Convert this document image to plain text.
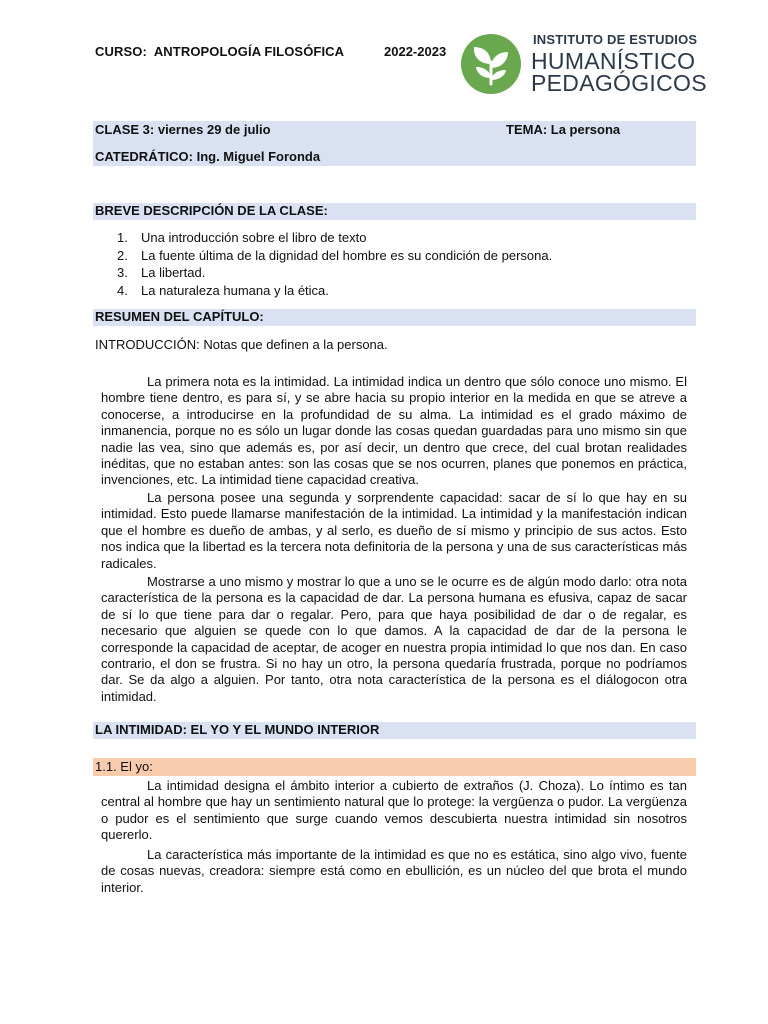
CURSO:  ANTROPOLOGÍA FILOSÓFICA	2022-2023
INSTITUTO DE ESTUDIOS
HUMANÍSTICO
PEDAGÓGICOS
CLASE 3: viernes 29 de julio	TEMA: La persona
CATEDRÁTICO: Ing. Miguel Foronda
BREVE DESCRIPCIÓN DE LA CLASE:
1. Una introducción sobre el libro de texto
2. La fuente última de la dignidad del hombre es su condición de persona.
3. La libertad.
4. La naturaleza humana y la ética.
RESUMEN DEL CAPÍTULO:
INTRODUCCIÓN: Notas que definen a la persona.

La primera nota es la intimidad. La intimidad indica un dentro que sólo conoce uno mismo. El hombre tiene dentro, es para sí, y se abre hacia su propio interior en la medida en que se atreve a conocerse, a introducirse en la profundidad de su alma. La intimidad es el grado máximo de inmanencia, porque no es sólo un lugar donde las cosas quedan guardadas para uno mismo sin que nadie las vea, sino que además es, por así decir, un dentro que crece, del cual brotan realidades inéditas, que no estaban antes: son las cosas que se nos ocurren, planes que ponemos en práctica, invenciones, etc. La intimidad tiene capacidad creativa.

La persona posee una segunda y sorprendente capacidad: sacar de sí lo que hay en su intimidad. Esto puede llamarse manifestación de la intimidad. La intimidad y la manifestación indican que el hombre es dueño de ambas, y al serlo, es dueño de sí mismo y principio de sus actos. Esto nos indica que la libertad es la tercera nota definitoria de la persona y una de sus características más radicales.

Mostrarse a uno mismo y mostrar lo que a uno se le ocurre es de algún modo darlo: otra nota característica de la persona es la capacidad de dar. La persona humana es efusiva, capaz de sacar de sí lo que tiene para dar o regalar. Pero, para que haya posibilidad de dar o de regalar, es necesario que alguien se quede con lo que damos. A la capacidad de dar de la persona le corresponde la capacidad de aceptar, de acoger en nuestra propia intimidad lo que nos dan. En caso contrario, el don se frustra. Si no hay un otro, la persona quedaría frustrada, porque no podríamos dar. Se da algo a alguien. Por tanto, otra nota característica de la persona es el diálogocon otra intimidad.

LA INTIMIDAD: EL YO Y EL MUNDO INTERIOR
1.1. El yo:

La intimidad designa el ámbito interior a cubierto de extraños (J. Choza). Lo íntimo es tan central al hombre que hay un sentimiento natural que lo protege: la vergüenza o pudor. La vergüenza o pudor es el sentimiento que surge cuando vemos descubierta nuestra intimidad sin nosotros quererlo.

La característica más importante de la intimidad es que no es estática, sino algo vivo, fuente de cosas nuevas, creadora: siempre está como en ebullición, es un núcleo del que brota el mundo interior.
